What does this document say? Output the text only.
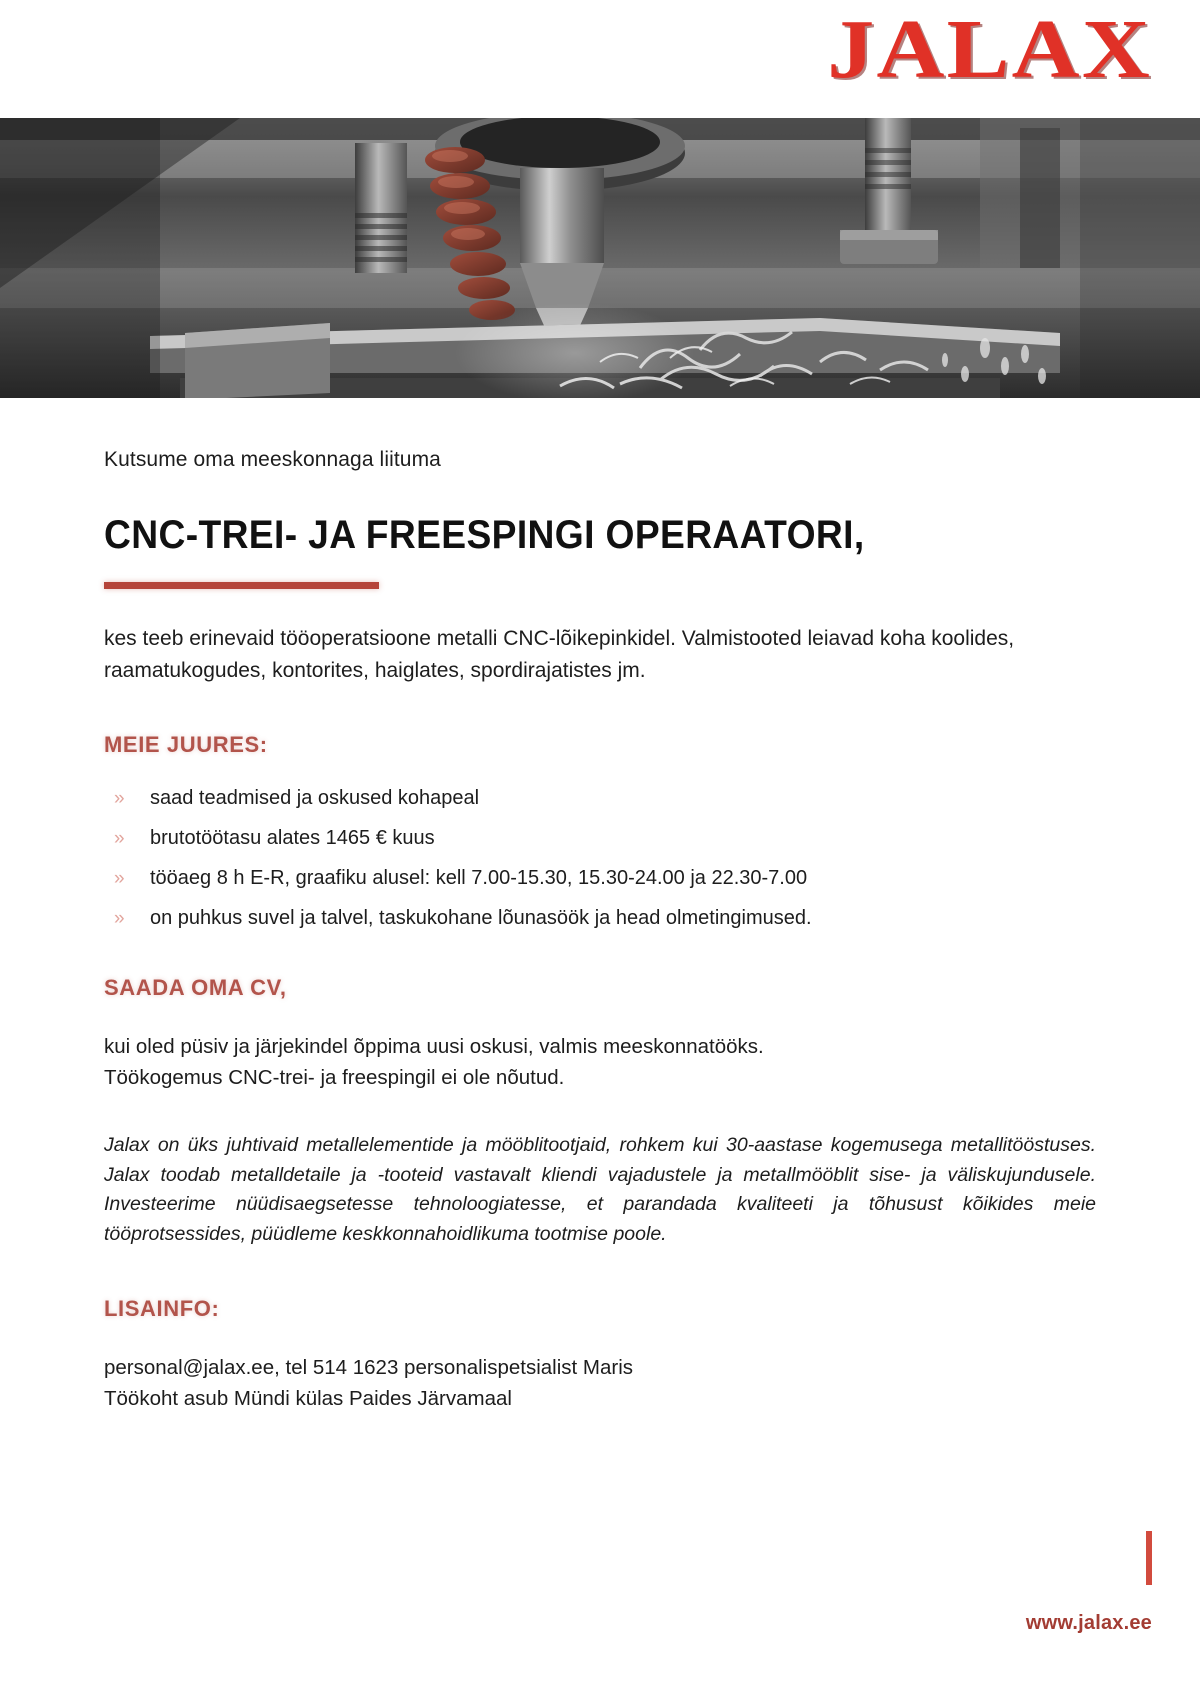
JALAX
Kutsume oma meeskonnaga liituma
CNC-TREI- JA FREESPINGI OPERAATORI,

kes teeb erinevaid tööoperatsioone metalli CNC-lõikepinkidel. Valmistooted leiavad koha koolides, raamatukogudes, kontorites, haiglates, spordirajatistes jm.

MEIE JUURES:
»	saad teadmised ja oskused kohapeal
»	brutotöötasu alates 1465 € kuus
»	tööaeg 8 h E-R, graafiku alusel: kell 7.00-15.30, 15.30-24.00 ja 22.30-7.00
»	on puhkus suvel ja talvel, taskukohane lõunasöök ja head olmetingimused.
SAADA OMA CV,

kui oled püsiv ja järjekindel õppima uusi oskusi, valmis meeskonnatööks.
Töökogemus CNC-trei- ja freespingil ei ole nõutud.

Jalax on üks juhtivaid metallelementide ja mööblitootjaid, rohkem kui 30-aastase kogemusega metallitööstuses. Jalax toodab metalldetaile ja -tooteid vastavalt kliendi vajadustele ja metallmööblit sise- ja väliskujundusele. Investeerime nüüdisaegsetesse tehnoloogiatesse, et parandada kvaliteeti ja tõhusust kõikides meie tööprotsessides, püüdleme keskkonnahoidlikuma tootmise poole.

LISAINFO:

personal@jalax.ee, tel 514 1623 personalispetsialist Maris
Töökoht asub Mündi külas Paides Järvamaal

www.jalax.ee
